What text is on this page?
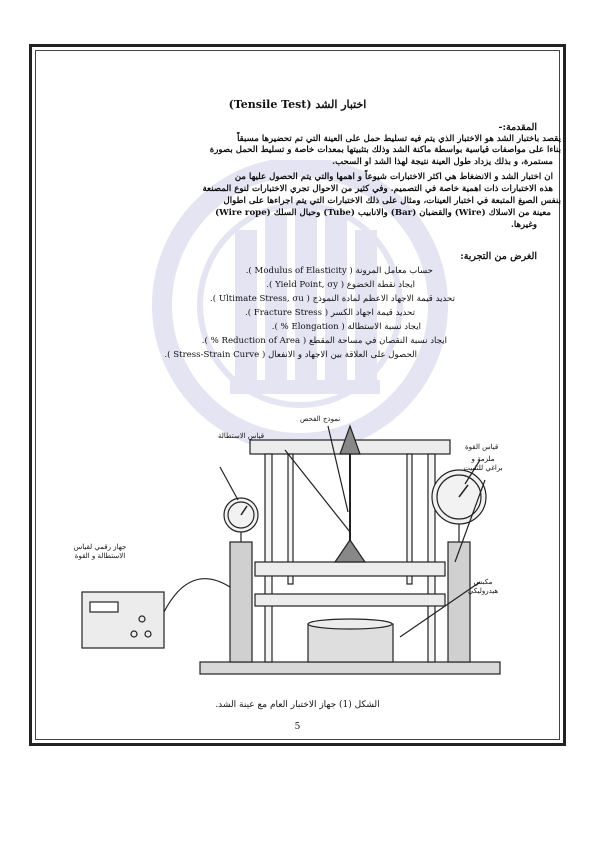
اختبار الشد (Tensile Test)
المقدمة:-
يقصد باختبار الشد هو الاختبار الذي يتم فيه تسليط حمل على العينة التي تم تحضيرها مسبقاً
بناءا على مواصفات قياسية بواسطة ماكنة الشد وذلك بتثبيتها بمعدات خاصة و تسليط الحمل بصورة
مستمرة، و بذلك يزداد طول العينة نتيجة لهذا الشد او السحب.
ان اختبار الشد و الانضغاط هي اكثر الاختبارات شيوعاً و اهمها والتي يتم الحصول عليها من
هذه الاختبارات ذات اهمية خاصة في التصميم. وفي كثير من الاحوال تجري الاختبارات لنوع المصنعة
بنفس الصيغ المتبعة في اختبار العينات، ومثال على ذلك الاختبارات التي يتم اجراءها على اطوال
معينة من الاسلاك (Wire) والقضبان (Bar) والانابيب (Tube) وحبال السلك (Wire rope)
وغيرها.
الغرض من التجربة:
حساب معامل المرونة ( Modulus of Elasticity ).
ايجاد نقطة الخضوع ( Yield Point, σy ).
تحديد قيمة الاجهاد الاعظم لمادة النموذج ( Ultimate Stress, σu ).
تحديد قيمة اجهاد الكسر ( Fracture Stress ).
ايجاد نسبة الاستطالة ( Elongation % ).
ايجاد نسبة النقصان في مساحة المقطع ( Reduction of Area % ).
الحصول على العلاقة بين الاجهاد و الانفعال ( Stress-Strain Curve ).
نموذج الفحص
قياس الاستطالة
قياس القوة
ملزمة و براغي للتثبيت
جهاز رقمي لقياس الاستطالة و القوة
مكبس هيدروليكي
الشكل (1) جهاز الاختبار العام مع عينة الشد.
5
